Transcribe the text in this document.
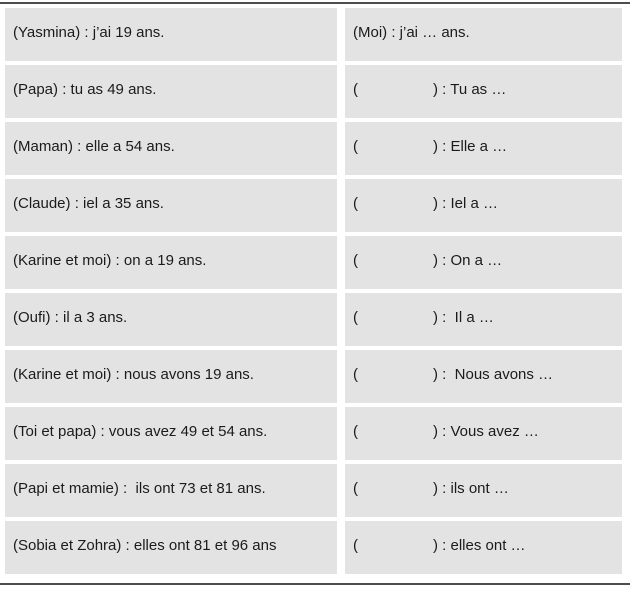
(Yasmina) : j’ai 19 ans.	(Moi) : j’ai … ans.
(Papa) : tu as 49 ans.	(	) : Tu as …
(Maman) : elle a 54 ans.	(	) : Elle a …
(Claude) : iel a 35 ans.	(	) : Iel a …
(Karine et moi) : on a 19 ans.	(	) : On a …
(Oufi) : il a 3 ans.	(	) :  Il a …
(Karine et moi) : nous avons 19 ans.	(	) :  Nous avons …
(Toi et papa) : vous avez 49 et 54 ans.	(	) : Vous avez …
(Papi et mamie) :  ils ont 73 et 81 ans.	(	) : ils ont …
(Sobia et Zohra) : elles ont 81 et 96 ans	(	) : elles ont …
